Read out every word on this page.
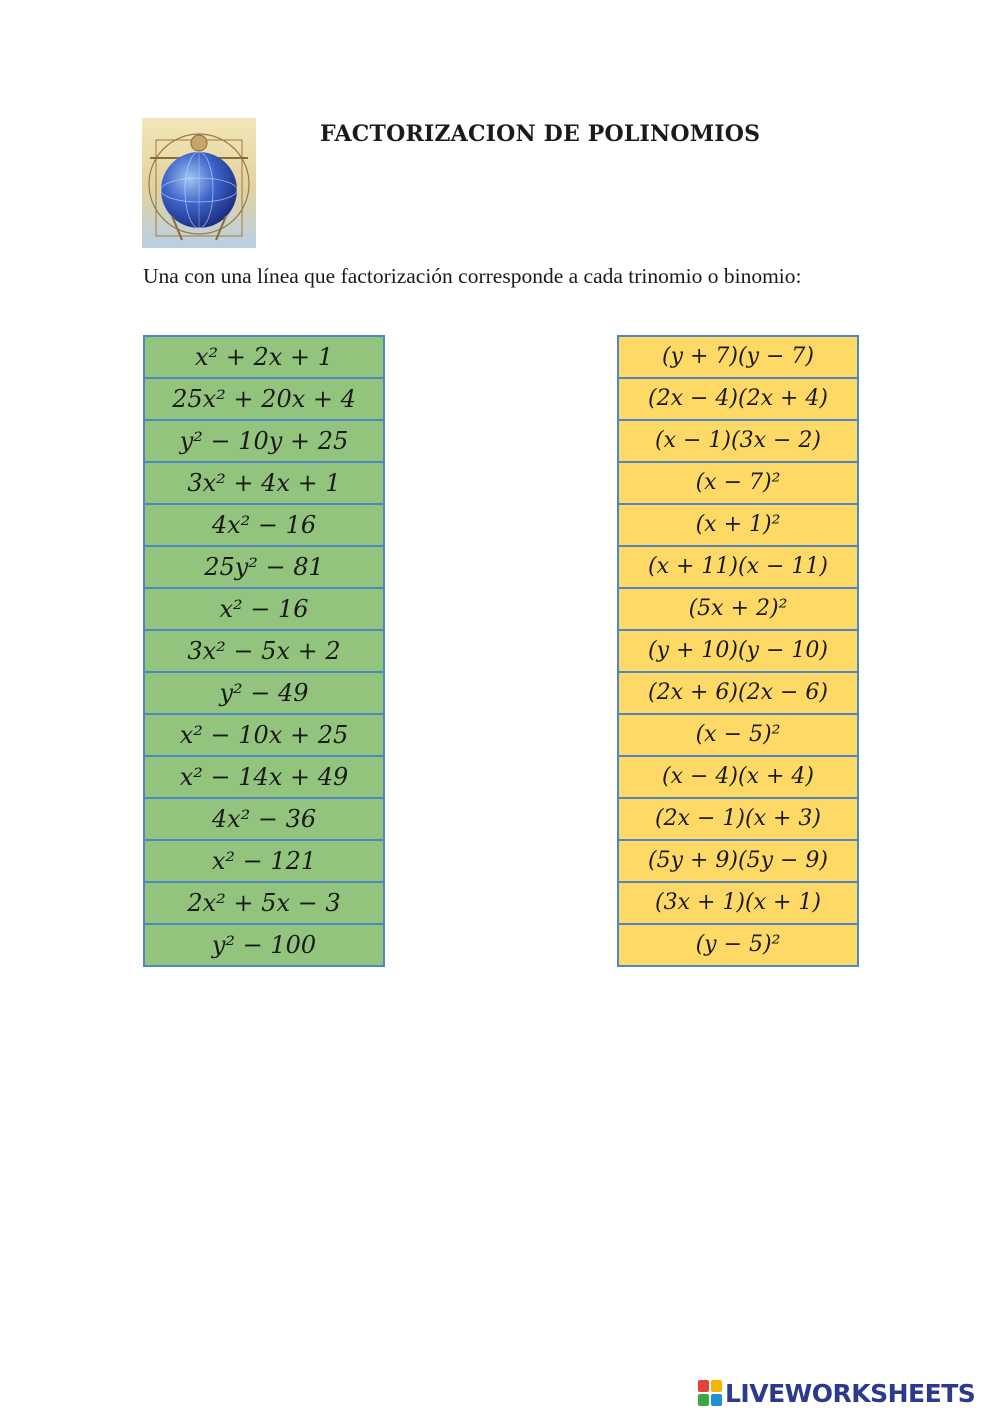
FACTORIZACION DE POLINOMIOS
Una con una línea que factorización corresponde a cada trinomio o binomio:
x² + 2x + 1
25x² + 20x + 4
y² − 10y + 25
3x² + 4x + 1
4x² − 16
25y² − 81
x² − 16
3x² − 5x + 2
y² − 49
x² − 10x + 25
x² − 14x + 49
4x² − 36
x² − 121
2x² + 5x − 3
y² − 100
(y + 7)(y − 7)
(2x − 4)(2x + 4)
(x − 1)(3x − 2)
(x − 7)²
(x + 1)²
(x + 11)(x − 11)
(5x + 2)²
(y + 10)(y − 10)
(2x + 6)(2x − 6)
(x − 5)²
(x − 4)(x + 4)
(2x − 1)(x + 3)
(5y + 9)(5y − 9)
(3x + 1)(x + 1)
(y − 5)²
LIVEWORKSHEETS
